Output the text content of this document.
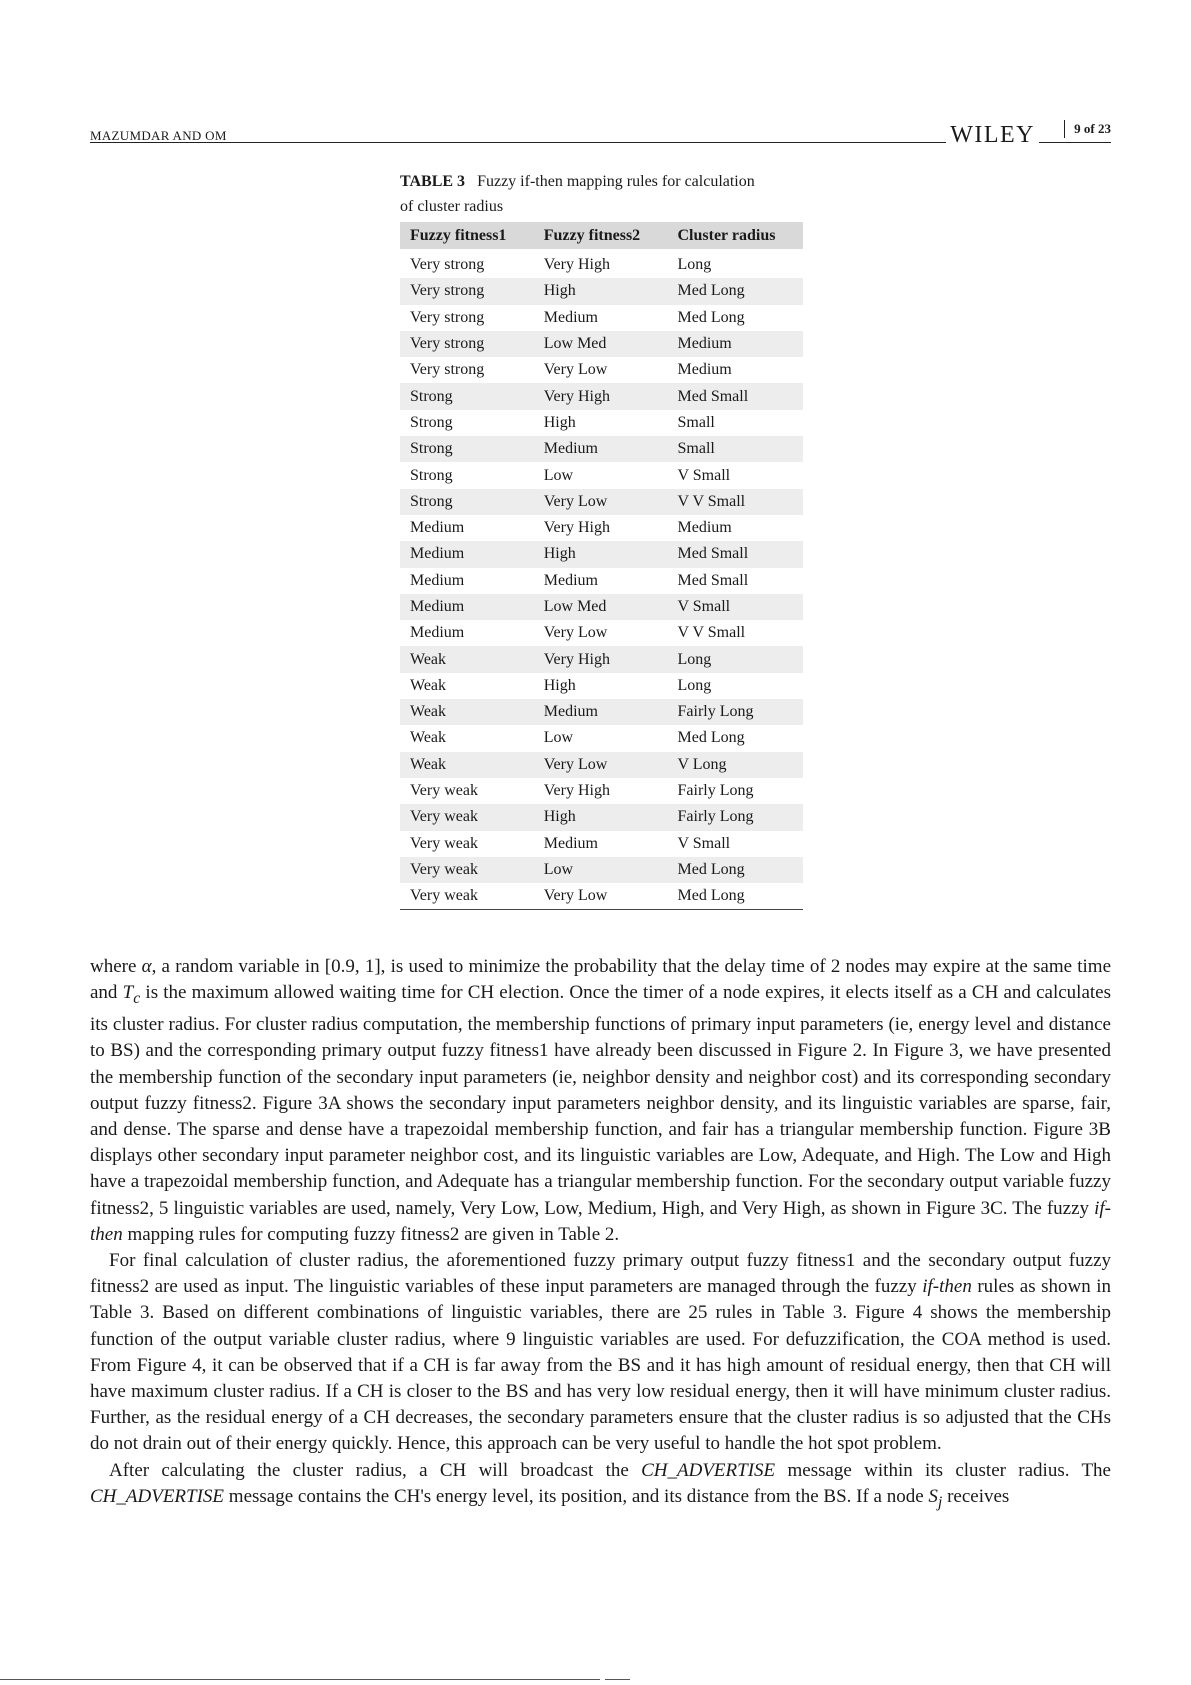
MAZUMDAR AND OM	WILEY	9 of 23
TABLE 3 Fuzzy if-then mapping rules for calculation of cluster radius
Fuzzy fitness1	Fuzzy fitness2	Cluster radius
Very strong	Very High	Long
Very strong	High	Med Long
Very strong	Medium	Med Long
Very strong	Low Med	Medium
Very strong	Very Low	Medium
Strong	Very High	Med Small
Strong	High	Small
Strong	Medium	Small
Strong	Low	V Small
Strong	Very Low	V V Small
Medium	Very High	Medium
Medium	High	Med Small
Medium	Medium	Med Small
Medium	Low Med	V Small
Medium	Very Low	V V Small
Weak	Very High	Long
Weak	High	Long
Weak	Medium	Fairly Long
Weak	Low	Med Long
Weak	Very Low	V Long
Very weak	Very High	Fairly Long
Very weak	High	Fairly Long
Very weak	Medium	V Small
Very weak	Low	Med Long
Very weak	Very Low	Med Long

where α, a random variable in [0.9, 1], is used to minimize the probability that the delay time of 2 nodes may expire at the same time and $T_c$ is the maximum allowed waiting time for CH election. Once the timer of a node expires, it elects itself as a CH and calculates its cluster radius. For cluster radius computation, the membership functions of primary input parameters (ie, energy level and distance to BS) and the corresponding primary output fuzzy fitness1 have already been discussed in Figure 2. In Figure 3, we have presented the membership function of the secondary input parameters (ie, neighbor density and neighbor cost) and its corresponding secondary output fuzzy fitness2. Figure 3A shows the secondary input parameters neighbor density, and its linguistic variables are sparse, fair, and dense. The sparse and dense have a trapezoidal membership function, and fair has a triangular membership function. Figure 3B displays other secondary input parameter neighbor cost, and its linguistic variables are Low, Adequate, and High. The Low and High have a trapezoidal membership function, and Adequate has a triangular membership function. For the secondary output variable fuzzy fitness2, 5 linguistic variables are used, namely, Very Low, Low, Medium, High, and Very High, as shown in Figure 3C. The fuzzy if-then mapping rules for computing fuzzy fitness2 are given in Table 2.

For final calculation of cluster radius, the aforementioned fuzzy primary output fuzzy fitness1 and the secondary output fuzzy fitness2 are used as input. The linguistic variables of these input parameters are managed through the fuzzy if-then rules as shown in Table 3. Based on different combinations of linguistic variables, there are 25 rules in Table 3. Figure 4 shows the membership function of the output variable cluster radius, where 9 linguistic variables are used. For defuzzification, the COA method is used. From Figure 4, it can be observed that if a CH is far away from the BS and it has high amount of residual energy, then that CH will have maximum cluster radius. If a CH is closer to the BS and has very low residual energy, then it will have minimum cluster radius. Further, as the residual energy of a CH decreases, the secondary parameters ensure that the cluster radius is so adjusted that the CHs do not drain out of their energy quickly. Hence, this approach can be very useful to handle the hot spot problem.

After calculating the cluster radius, a CH will broadcast the CH_ADVERTISE message within its cluster radius. The CH_ADVERTISE message contains the CH's energy level, its position, and its distance from the BS. If a node $S_j$ receives
